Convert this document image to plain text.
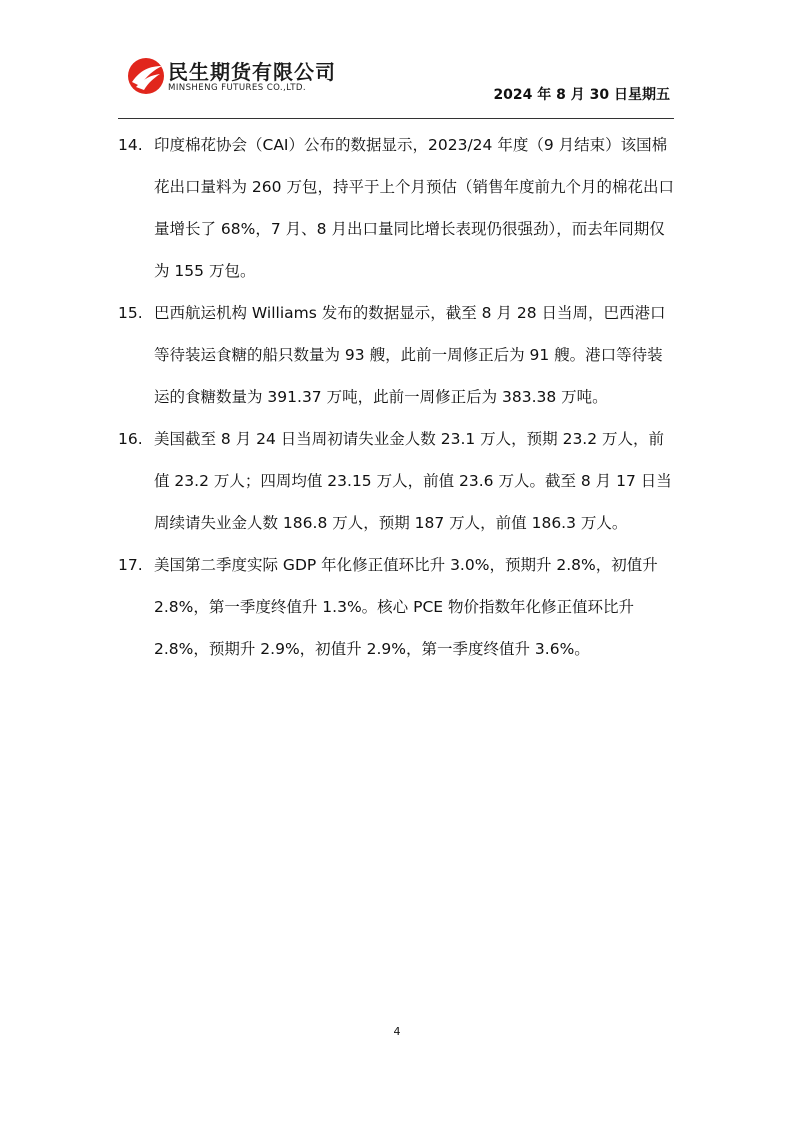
民生期货有限公司
MINSHENG FUTURES CO.,LTD.	2024 年 8 月 30 日星期五
14. 印度棉花协会（CAI）公布的数据显示，2023/24 年度（9 月结束）该国棉花出口量料为 260 万包，持平于上个月预估（销售年度前九个月的棉花出口量增长了 68%，7 月、8 月出口量同比增长表现仍很强劲），而去年同期仅为 155 万包。
15. 巴西航运机构 Williams 发布的数据显示，截至 8 月 28 日当周，巴西港口等待装运食糖的船只数量为 93 艘，此前一周修正后为 91 艘。港口等待装运的食糖数量为 391.37 万吨，此前一周修正后为 383.38 万吨。
16. 美国截至 8 月 24 日当周初请失业金人数 23.1 万人，预期 23.2 万人，前值 23.2 万人；四周均值 23.15 万人，前值 23.6 万人。截至 8 月 17 日当周续请失业金人数 186.8 万人，预期 187 万人，前值 186.3 万人。
17. 美国第二季度实际 GDP 年化修正值环比升 3.0%，预期升 2.8%，初值升 2.8%，第一季度终值升 1.3%。核心 PCE 物价指数年化修正值环比升 2.8%，预期升 2.9%，初值升 2.9%，第一季度终值升 3.6%。
4
